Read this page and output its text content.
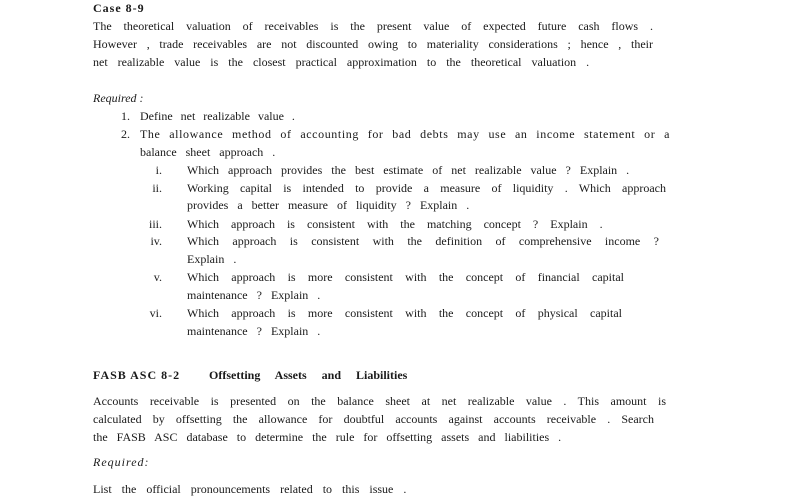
Case 8-9
The theoretical valuation of receivables is the present value of expected future cash flows .
However , trade receivables are not discounted owing to materiality considerations ; hence , their
net realizable value is the closest practical approximation to the theoretical valuation .
Required :
1. Define net realizable value .
2. The allowance method of accounting for bad debts may use an income statement or a
balance sheet approach .
i. Which approach provides the best estimate of net realizable value ? Explain .
ii. Working capital is intended to provide a measure of liquidity . Which approach
provides a better measure of liquidity ? Explain .
iii. Which approach is consistent with the matching concept ? Explain .
iv. Which approach is consistent with the definition of comprehensive income ?
Explain .
v. Which approach is more consistent with the concept of financial capital
maintenance ? Explain .
vi. Which approach is more consistent with the concept of physical capital
maintenance ? Explain .
FASB ASC 8-2 Offsetting Assets and Liabilities
Accounts receivable is presented on the balance sheet at net realizable value . This amount is
calculated by offsetting the allowance for doubtful accounts against accounts receivable . Search
the FASB ASC database to determine the rule for offsetting assets and liabilities .
Required:
List the official pronouncements related to this issue .
